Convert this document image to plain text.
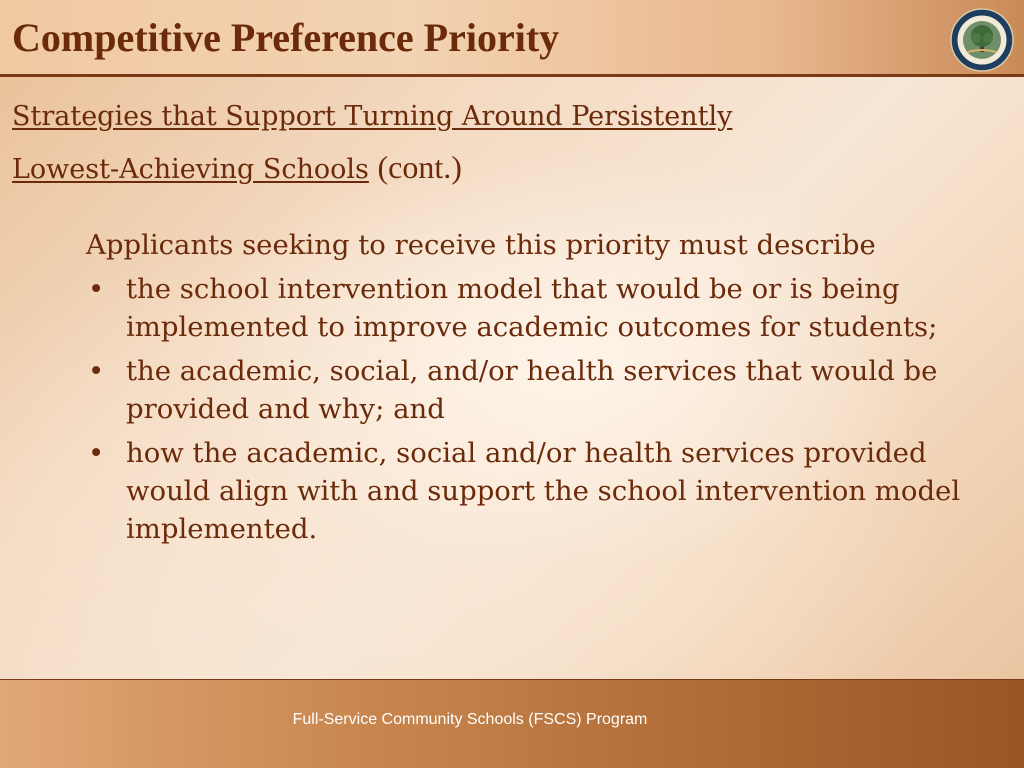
Competitive Preference Priority

Strategies that Support Turning Around Persistently
Lowest-Achieving Schools (cont.)

Applicants seeking to receive this priority must describe

• the school intervention model that would be or is being implemented to improve academic outcomes for students;
• the academic, social, and/or health services that would be provided and why; and
• how the academic, social and/or health services provided would align with and support the school intervention model implemented.
Full-Service Community Schools (FSCS) Program
